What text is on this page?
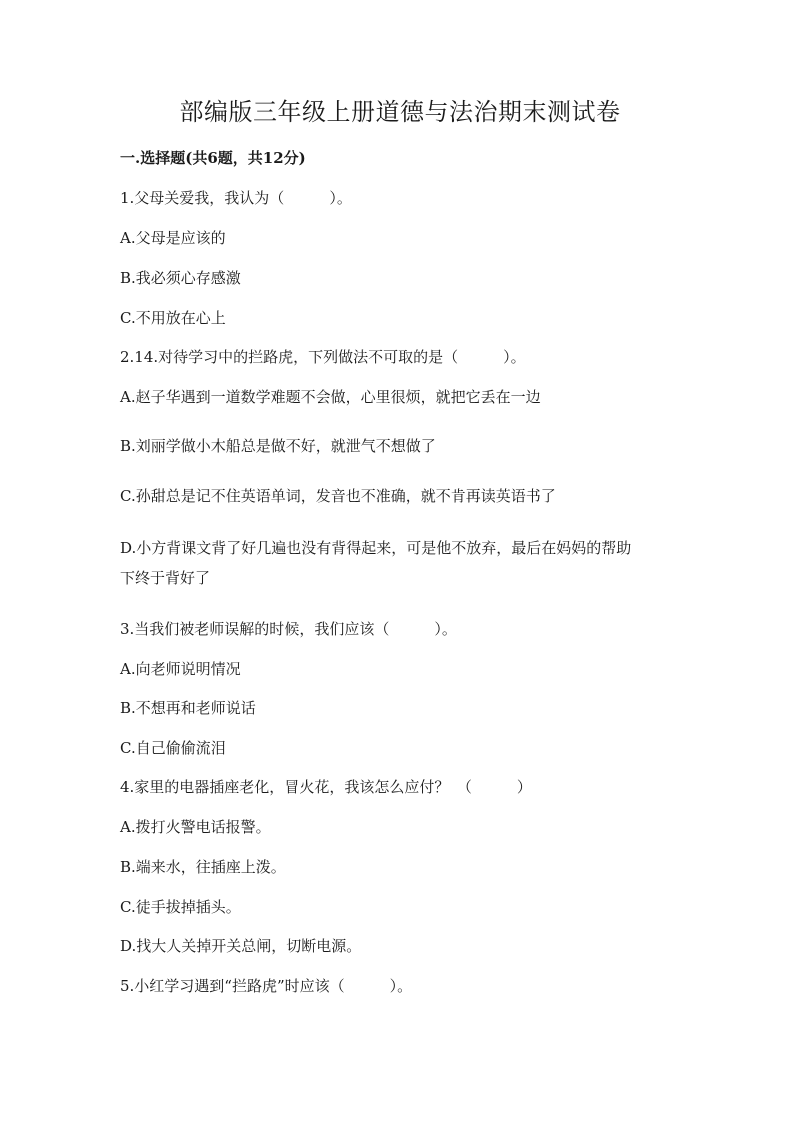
部编版三年级上册道德与法治期末测试卷
一.选择题(共6题，共12分)
1.父母关爱我，我认为（　　　）。
A.父母是应该的
B.我必须心存感激
C.不用放在心上
2.14.对待学习中的拦路虎，下列做法不可取的是（　　　）。
A.赵子华遇到一道数学难题不会做，心里很烦，就把它丢在一边
B.刘丽学做小木船总是做不好，就泄气不想做了
C.孙甜总是记不住英语单词，发音也不准确，就不肯再读英语书了
D.小方背课文背了好几遍也没有背得起来，可是他不放弃，最后在妈妈的帮助
下终于背好了
3.当我们被老师误解的时候，我们应该（　　　）。
A.向老师说明情况
B.不想再和老师说话
C.自己偷偷流泪
4.家里的电器插座老化，冒火花，我该怎么应付？　（　　　）
A.拨打火警电话报警。
B.端来水，往插座上泼。
C.徒手拔掉插头。
D.找大人关掉开关总闸，切断电源。
5.小红学习遇到“拦路虎”时应该（　　　）。
